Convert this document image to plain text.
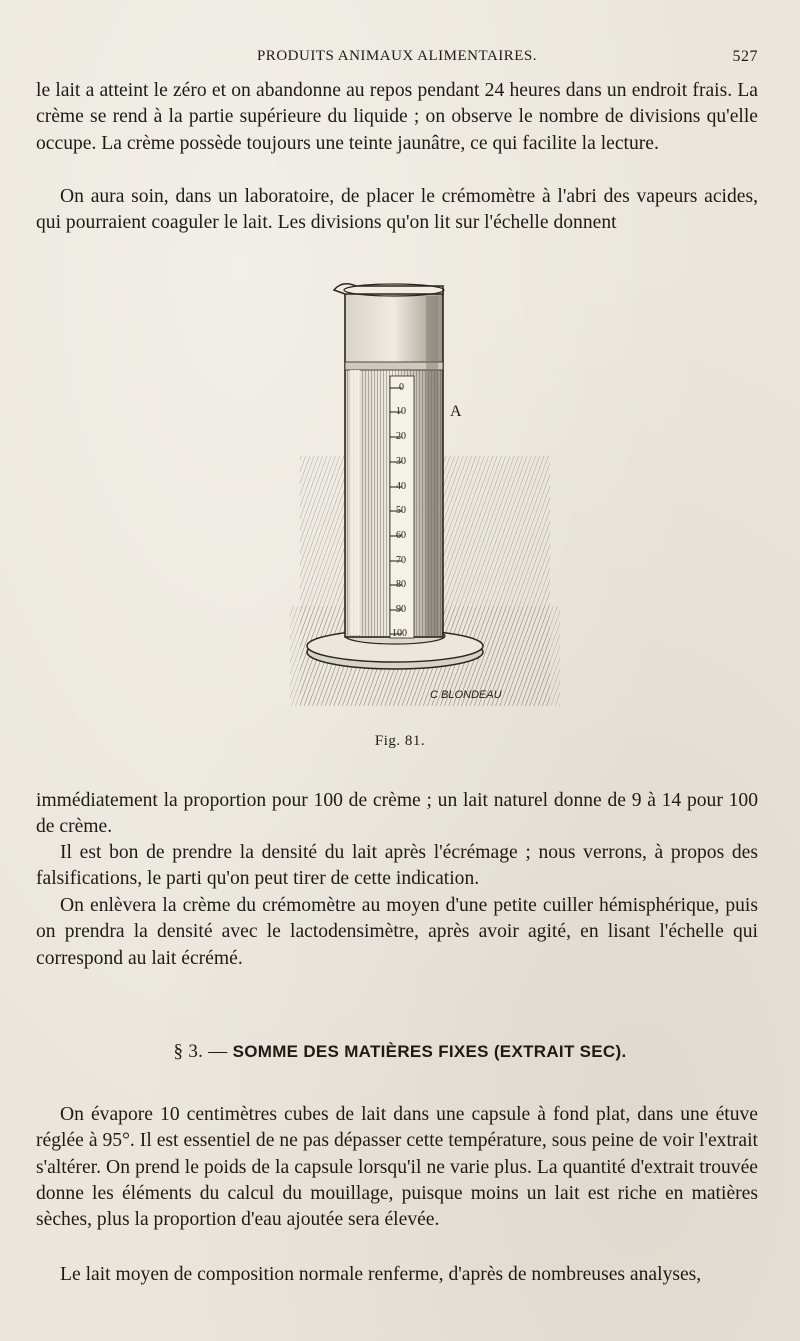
PRODUITS ANIMAUX ALIMENTAIRES.	527

le lait a atteint le zéro et on abandonne au repos pendant 24 heures dans un endroit frais. La crème se rend à la partie supérieure du liquide ; on observe le nombre de divisions qu'elle occupe. La crème possède toujours une teinte jaunâtre, ce qui facilite la lecture.

On aura soin, dans un laboratoire, de placer le crémomètre à l'abri des vapeurs acides, qui pourraient coaguler le lait. Les divisions qu'on lit sur l'échelle donnent

0
10
20
30
40
50
60
70
80
90
100
A
C BLONDEAU
Fig. 81.

immédiatement la proportion pour 100 de crème ; un lait naturel donne de 9 à 14 pour 100 de crème.

Il est bon de prendre la densité du lait après l'écrémage ; nous verrons, à propos des falsifications, le parti qu'on peut tirer de cette indication.

On enlèvera la crème du crémomètre au moyen d'une petite cuiller hémisphérique, puis on prendra la densité avec le lactodensimètre, après avoir agité, en lisant l'échelle qui correspond au lait écrémé.

§ 3. — SOMME DES MATIÈRES FIXES (EXTRAIT SEC).

On évapore 10 centimètres cubes de lait dans une capsule à fond plat, dans une étuve réglée à 95°. Il est essentiel de ne pas dépasser cette température, sous peine de voir l'extrait s'altérer. On prend le poids de la capsule lorsqu'il ne varie plus. La quantité d'extrait trouvée donne les éléments du calcul du mouillage, puisque moins un lait est riche en matières sèches, plus la proportion d'eau ajoutée sera élevée.

Le lait moyen de composition normale renferme, d'après de nombreuses analyses,
